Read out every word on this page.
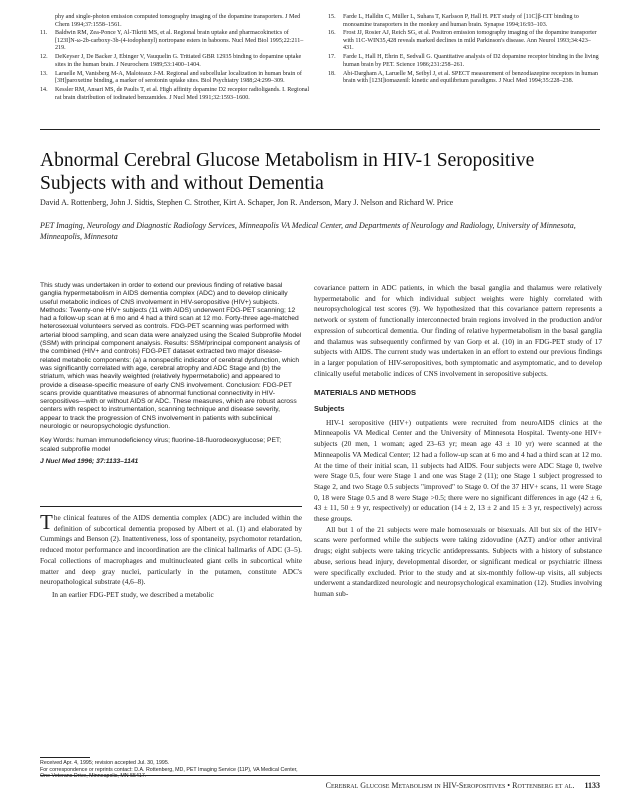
phy and single-photon emission computed tomography imaging of the dopamine transporters. J Med Chem 1994;37:1558–1561.
11.	Baldwin RM, Zea-Ponce Y, Al-Tikriti MS, et al. Regional brain uptake and pharmacokinetics of [123I]N-ω-2b-carboxy-3b-(4-iodophenyl) nortropane esters in baboons. Nucl Med Biol 1995;22:211–219.
12.	DeKeyser J, De Backer J, Ebinger V, Vauquelin G. Tritiated GBR 12935 binding to dopamine uptake sites in the human brain. J Neurochem 1989;53:1400–1404.
13.	Laruelle M, Vanisberg M-A, Maloteaux J-M. Regional and subcellular localization in human brain of [3H]paroxetine binding, a marker of serotonin uptake sites. Biol Psychiatry 1988;24:299–309.
14.	Kessler RM, Ansari MS, de Paulis T, et al. High affinity dopamine D2 receptor radioligands. I. Regional rat brain distribution of iodinated benzamides. J Nucl Med 1991;32:1593–1600.
15.	Farde L, Halldin C, Müller L, Suhara T, Karlsson P, Hall H. PET study of [11C]β-CIT binding to monoamine transporters in the monkey and human brain. Synapse 1994;16:93–103.
16.	Frost JJ, Rosier AJ, Reich SG, et al. Positron emission tomography imaging of the dopamine transporter with 11C-WIN35,428 reveals marked declines in mild Parkinson's disease. Ann Neurol 1993;34:423–431.
17.	Farde L, Hall H, Ehrin E, Sedvall G. Quantitative analysis of D2 dopamine receptor binding in the living human brain by PET. Science 1986;231:258–261.
18.	Abi-Dargham A, Laruelle M, Seibyl J, et al. SPECT measurement of benzodiazepine receptors in human brain with [123I]iomazenil: kinetic and equilibrium paradigms. J Nucl Med 1994;35:228–238.
Abnormal Cerebral Glucose Metabolism in HIV-1 Seropositive Subjects with and without Dementia
David A. Rottenberg, John J. Sidtis, Stephen C. Strother, Kirt A. Schaper, Jon R. Anderson, Mary J. Nelson and Richard W. Price
PET Imaging, Neurology and Diagnostic Radiology Services, Minneapolis VA Medical Center, and Departments of Neurology and Radiology, University of Minnesota, Minneapolis, Minnesota

This study was undertaken in order to extend our previous finding of relative basal ganglia hypermetabolism in AIDS dementia complex (ADC) and to develop clinically useful metabolic indices of CNS involvement in HIV-seropositive (HIV+) subjects. Methods: Twenty-one HIV+ subjects (11 with AIDS) underwent FDG-PET scanning; 12 had a follow-up scan at 6 mo and 4 had a third scan at 12 mo. Forty-three age-matched heterosexual volunteers served as controls. FDG-PET scanning was performed with arterial blood sampling, and scan data were analyzed using the Scaled Subprofile Model (SSM) with principal component analysis. Results: SSM/principal component analysis of the combined (HIV+ and controls) FDG-PET dataset extracted two major disease-related metabolic components: (a) a nonspecific indicator of cerebral dysfunction, which was significantly correlated with age, cerebral atrophy and ADC Stage and (b) the striatum, which was heavily weighted (relatively hypermetabolic) and appeared to provide a disease-specific measure of early CNS involvement. Conclusion: FDG-PET scans provide quantitative measures of abnormal functional connectivity in HIV-seropositives—with or without AIDS or ADC. These measures, which are robust across centers with respect to instrumentation, scanning technique and disease severity, appear to track the progression of CNS involvement in patients with subclinical neurologic or neuropsychologic dysfunction.

Key Words: human immunodeficiency virus; fluorine-18-fluorodeoxyglucose; PET; scaled subprofile model

J Nucl Med 1996; 37:1133–1141

The clinical features of the AIDS dementia complex (ADC) are included within the definition of subcortical dementia proposed by Albert et al. (1) and elaborated by Cummings and Benson (2). Inattentiveness, loss of spontaneity, psychomotor retardation, reduced motor performance and incoordination are the clinical hallmarks of ADC (3–5). Focal collections of macrophages and multinucleated giant cells in subcortical white matter and deep gray nuclei, particularly in the putamen, constitute ADC's neuropathological substrate (4,6–8).

In an earlier FDG-PET study, we described a metabolic

Received Apr. 4, 1995; revision accepted Jul. 30, 1995.

For correspondence or reprints contact: D.A. Rottenberg, MD, PET Imaging Service (11P), VA Medical Center, One Veterans Drive, Minneapolis, MN 55417.

covariance pattern in ADC patients, in which the basal ganglia and thalamus were relatively hypermetabolic and for which individual subject weights were highly correlated with neuropsychological test scores (9). We hypothesized that this covariance pattern represents a network or system of functionally interconnected brain regions involved in the production and/or expression of subcortical dementia. Our finding of relative hypermetabolism in the basal ganglia and thalamus was subsequently confirmed by van Gorp et al. (10) in an FDG-PET study of 17 subjects with AIDS. The current study was undertaken in an effort to extend our previous findings in a larger population of HIV-seropositives, both symptomatic and asymptomatic, and to develop clinically useful metabolic indices of CNS involvement in seropositive subjects.

MATERIALS AND METHODS
Subjects

HIV-1 seropositive (HIV+) outpatients were recruited from neuroAIDS clinics at the Minneapolis VA Medical Center and the University of Minnesota Hospital. Twenty-one HIV+ subjects (20 men, 1 woman; aged 23–63 yr; mean age 43 ± 10 yr) were scanned at the Minneapolis VA Medical Center; 12 had a follow-up scan at 6 mo and 4 had a third scan at 12 mo. At the time of their initial scan, 11 subjects had AIDS. Four subjects were ADC Stage 0, twelve were Stage 0.5, four were Stage 1 and one was Stage 2 (11); one Stage 1 subject progressed to Stage 2, and two Stage 0.5 subjects "improved" to Stage 0. Of the 37 HIV+ scans, 11 were Stage 0, 18 were Stage 0.5 and 8 were Stage >0.5; there were no significant differences in age (42 ± 6, 43 ± 11, 50 ± 9 yr, respectively) or education (14 ± 2, 13 ± 2 and 15 ± 3 yr, respectively) across these groups.

All but 1 of the 21 subjects were male homosexuals or bisexuals. All but six of the HIV+ scans were performed while the subjects were taking zidovudine (AZT) and/or other antiviral drugs; eight subjects were taking tricyclic antidepressants. Subjects with a history of substance abuse, serious head injury, developmental disorder, or significant medical or psychiatric illness were specifically excluded. Prior to the study and at six-monthly follow-up visits, all subjects underwent a standardized neurologic and neuropsychological examination (12). Studies involving human sub-

Cerebral Glucose Metabolism in HIV-Seropositives • Rottenberg et al. 1133
